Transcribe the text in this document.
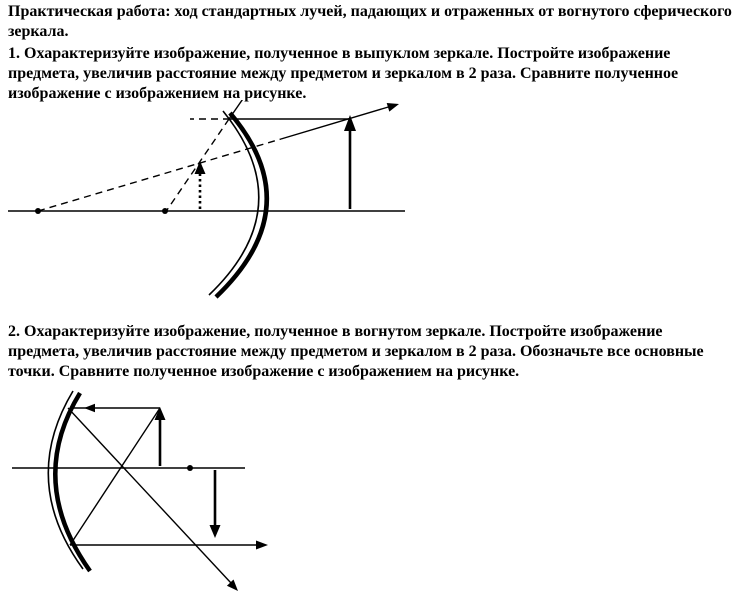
Практическая работа: ход стандартных лучей, падающих и отраженных от вогнутого сферического зеркала.
1. Охарактеризуйте изображение, полученное в выпуклом зеркале. Постройте изображение предмета, увеличив расстояние между предметом и зеркалом в 2 раза. Сравните полученное изображение с изображением на рисунке.
2. Охарактеризуйте изображение, полученное в вогнутом зеркале. Постройте изображение предмета, увеличив расстояние между предметом и зеркалом в 2 раза. Обозначьте все основные точки. Сравните полученное изображение с изображением на рисунке.
